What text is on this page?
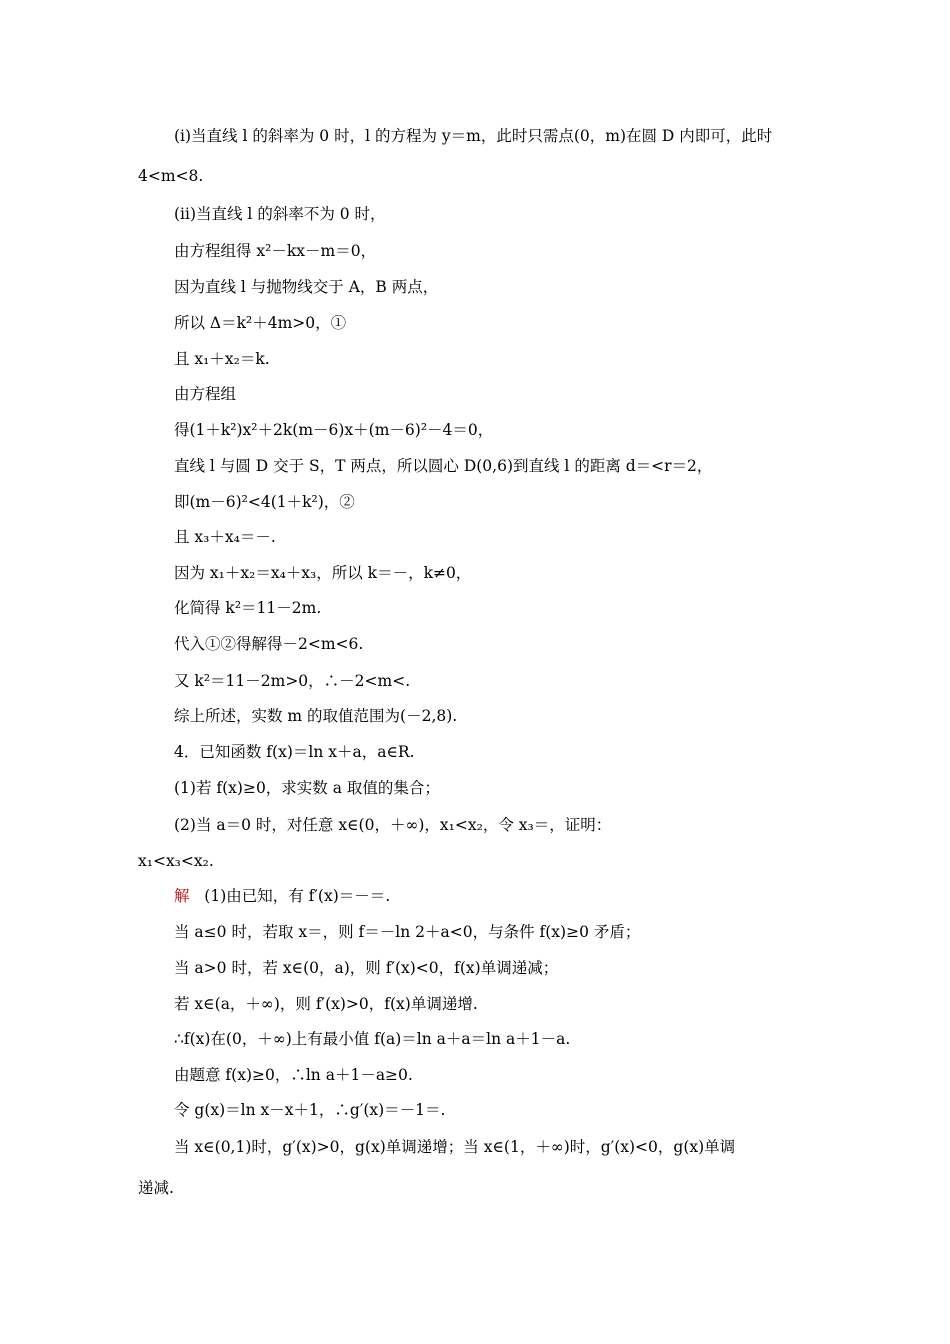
(ⅰ)当直线 l 的斜率为 0 时，l 的方程为 y＝m，此时只需点(0，m)在圆 D 内即可，此时
4<m<8.
(ⅱ)当直线 l 的斜率不为 0 时，
由方程组得 x²－kx－m＝0，
因为直线 l 与抛物线交于 A，B 两点，
所以 Δ＝k²＋4m>0，①
且 x₁＋x₂＝k.
由方程组
得(1＋k²)x²＋2k(m－6)x＋(m－6)²－4＝0，
直线 l 与圆 D 交于 S，T 两点，所以圆心 D(0,6)到直线 l 的距离 d＝<r＝2，
即(m－6)²<4(1＋k²)，②
且 x₃＋x₄＝－.
因为 x₁＋x₂＝x₄＋x₃，所以 k＝－，k≠0，
化简得 k²＝11－2m.
代入①②得解得－2<m<6.
又 k²＝11－2m>0，∴－2<m<.
综上所述，实数 m 的取值范围为(－2,8).
4．已知函数 f(x)＝ln x＋a，a∈R.
(1)若 f(x)≥0，求实数 a 取值的集合；
(2)当 a＝0 时，对任意 x∈(0，＋∞)，x₁<x₂，令 x₃＝，证明：
x₁<x₃<x₂.
解 (1)由已知，有 f′(x)＝－＝.
当 a≤0 时，若取 x＝，则 f＝－ln 2＋a<0，与条件 f(x)≥0 矛盾；
当 a>0 时，若 x∈(0，a)，则 f′(x)<0，f(x)单调递减；
若 x∈(a，＋∞)，则 f′(x)>0，f(x)单调递增.
∴f(x)在(0，＋∞)上有最小值 f(a)＝ln a＋a＝ln a＋1－a.
由题意 f(x)≥0，∴ln a＋1－a≥0.
令 g(x)＝ln x－x＋1，∴g′(x)＝－1＝.
当 x∈(0,1)时，g′(x)>0，g(x)单调递增；当 x∈(1，＋∞)时，g′(x)<0，g(x)单调
递减.
